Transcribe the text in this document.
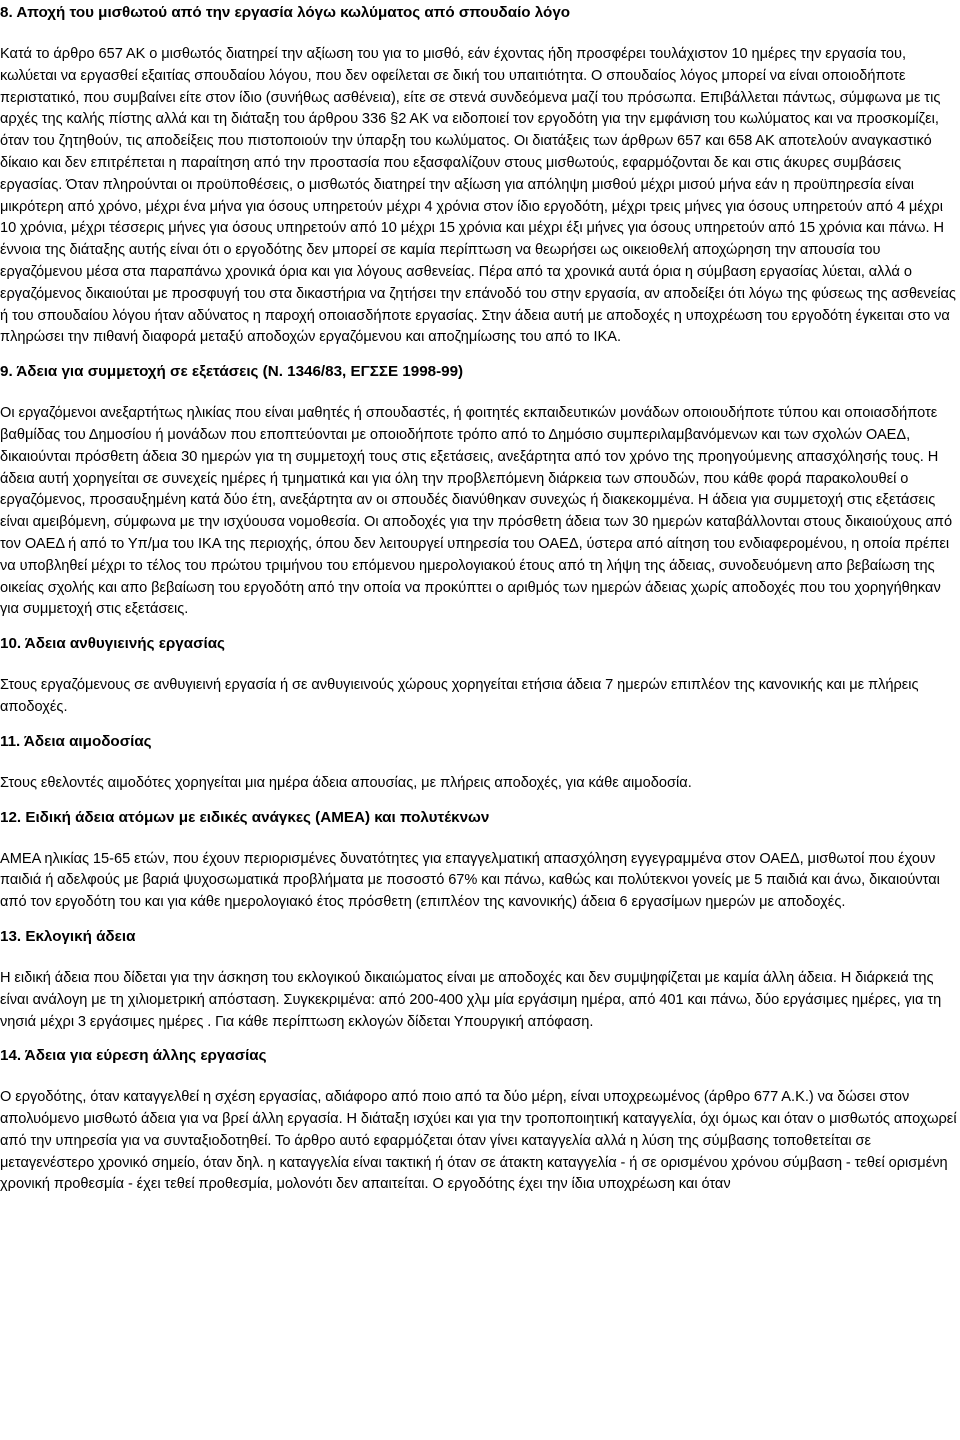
8. Αποχή του μισθωτού από την εργασία λόγω κωλύματος από σπουδαίο λόγο

Κατά το άρθρο 657 ΑΚ ο μισθωτός διατηρεί την αξίωση του για το μισθό, εάν έχοντας ήδη προσφέρει τουλάχιστον 10 ημέρες την εργασία του, κωλύεται να εργασθεί εξαιτίας σπουδαίου λόγου, που δεν οφείλεται σε δική του υπαιτιότητα. Ο σπουδαίος λόγος μπορεί να είναι οποιοδήποτε περιστατικό, που συμβαίνει είτε στον ίδιο (συνήθως ασθένεια), είτε σε στενά συνδεόμενα μαζί του πρόσωπα. Επιβάλλεται πάντως, σύμφωνα με τις αρχές της καλής πίστης αλλά και τη διάταξη του άρθρου 336 §2 ΑΚ να ειδοποιεί τον εργοδότη για την εμφάνιση του κωλύματος και να προσκομίζει, όταν του ζητηθούν, τις αποδείξεις που πιστοποιούν την ύπαρξη του κωλύματος. Οι διατάξεις των άρθρων 657 και 658 ΑΚ αποτελούν αναγκαστικό δίκαιο και δεν επιτρέπεται η παραίτηση από την προστασία που εξασφαλίζουν στους μισθωτούς, εφαρμόζονται δε και στις άκυρες συμβάσεις εργασίας. Όταν πληρούνται οι προϋποθέσεις, ο μισθωτός διατηρεί την αξίωση για απόληψη μισθού μέχρι μισού μήνα εάν η προϋπηρεσία είναι μικρότερη από χρόνο, μέχρι ένα μήνα για όσους υπηρετούν μέχρι 4 χρόνια στον ίδιο εργοδότη, μέχρι τρεις μήνες για όσους υπηρετούν από 4 μέχρι 10 χρόνια, μέχρι τέσσερις μήνες για όσους υπηρετούν από 10 μέχρι 15 χρόνια και μέχρι έξι μήνες για όσους υπηρετούν από 15 χρόνια και πάνω. Η έννοια της διάταξης αυτής είναι ότι ο εργοδότης δεν μπορεί σε καμία περίπτωση να θεωρήσει ως οικειοθελή αποχώρηση την απουσία του εργαζόμενου μέσα στα παραπάνω χρονικά όρια και για λόγους ασθενείας. Πέρα από τα χρονικά αυτά όρια η σύμβαση εργασίας λύεται, αλλά ο εργαζόμενος δικαιούται με προσφυγή του στα δικαστήρια να ζητήσει την επάνοδό του στην εργασία, αν αποδείξει ότι λόγω της φύσεως της ασθενείας ή του σπουδαίου λόγου ήταν αδύνατος η παροχή οποιασδήποτε εργασίας. Στην άδεια αυτή με αποδοχές η υποχρέωση του εργοδότη έγκειται στο να πληρώσει την πιθανή διαφορά μεταξύ αποδοχών εργαζόμενου και αποζημίωσης του από το ΙΚΑ.

9. Άδεια για συμμετοχή σε εξετάσεις (Ν. 1346/83, ΕΓΣΣΕ 1998-99)

Οι εργαζόμενοι ανεξαρτήτως ηλικίας που είναι μαθητές ή σπουδαστές, ή φοιτητές εκπαιδευτικών μονάδων οποιουδήποτε τύπου και οποιασδήποτε βαθμίδας του Δημοσίου ή μονάδων που εποπτεύονται με οποιοδήποτε τρόπο από το Δημόσιο συμπεριλαμβανόμενων και των σχολών ΟΑΕΔ, δικαιούνται πρόσθετη άδεια 30 ημερών για τη συμμετοχή τους στις εξετάσεις, ανεξάρτητα από τον χρόνο της προηγούμενης απασχόλησής τους. Η άδεια αυτή χορηγείται σε συνεχείς ημέρες ή τμηματικά και για όλη την προβλεπόμενη διάρκεια των σπουδών, που κάθε φορά παρακολουθεί ο εργαζόμενος, προσαυξημένη κατά δύο έτη, ανεξάρτητα αν οι σπουδές διανύθηκαν συνεχώς ή διακεκομμένα. Η άδεια για συμμετοχή στις εξετάσεις είναι αμειβόμενη, σύμφωνα με την ισχύουσα νομοθεσία. Οι αποδοχές για την πρόσθετη άδεια των 30 ημερών καταβάλλονται στους δικαιούχους από τον ΟΑΕΔ ή από το Υπ/μα του ΙΚΑ της περιοχής, όπου δεν λειτουργεί υπηρεσία του ΟΑΕΔ, ύστερα από αίτηση του ενδιαφερομένου, η οποία πρέπει να υποβληθεί μέχρι το τέλος του πρώτου τριμήνου του επόμενου ημερολογιακού έτους από τη λήψη της άδειας, συνοδευόμενη απο βεβαίωση της οικείας σχολής και απο βεβαίωση του εργοδότη από την οποία να προκύπτει ο αριθμός των ημερών άδειας χωρίς αποδοχές που του χορηγήθηκαν για συμμετοχή στις εξετάσεις.

10. Άδεια ανθυγιεινής εργασίας

Στους εργαζόμενους σε ανθυγιεινή εργασία ή σε ανθυγιεινούς χώρους χορηγείται ετήσια άδεια 7 ημερών επιπλέον της κανονικής και με πλήρεις αποδοχές.

11. Άδεια αιμοδοσίας

Στους εθελοντές αιμοδότες χορηγείται μια ημέρα άδεια απουσίας, με πλήρεις αποδοχές, για κάθε αιμοδοσία.

12. Ειδική άδεια ατόμων με ειδικές ανάγκες (ΑΜΕΑ) και πολυτέκνων

ΑΜΕΑ ηλικίας 15-65 ετών, που έχουν περιορισμένες δυνατότητες για επαγγελματική απασχόληση εγγεγραμμένα στον ΟΑΕΔ, μισθωτοί που έχουν παιδιά ή αδελφούς με βαριά ψυχοσωματικά προβλήματα με ποσοστό 67% και πάνω, καθώς και πολύτεκνοι γονείς με 5 παιδιά και άνω, δικαιούνται από τον εργοδότη του και για κάθε ημερολογιακό έτος πρόσθετη (επιπλέον της κανονικής) άδεια 6 εργασίμων ημερών με αποδοχές.

13. Εκλογική άδεια

Η ειδική άδεια που δίδεται για την άσκηση του εκλογικού δικαιώματος είναι με αποδοχές και δεν συμψηφίζεται με καμία άλλη άδεια. Η διάρκειά της είναι ανάλογη με τη χιλιομετρική απόσταση. Συγκεκριμένα: από 200-400 χλμ μία εργάσιμη ημέρα, από 401 και πάνω, δύο εργάσιμες ημέρες, για τη νησιά μέχρι 3 εργάσιμες ημέρες . Για κάθε περίπτωση εκλογών δίδεται Υπουργική απόφαση.

14. Άδεια για εύρεση άλλης εργασίας

Ο εργοδότης, όταν καταγγελθεί η σχέση εργασίας, αδιάφορο από ποιο από τα δύο μέρη, είναι υποχρεωμένος (άρθρο 677 Α.Κ.) να δώσει στον απολυόμενο μισθωτό άδεια για να βρεί άλλη εργασία. Η διάταξη ισχύει και για την τροποποιητική καταγγελία, όχι όμως και όταν ο μισθωτός αποχωρεί από την υπηρεσία για να συνταξιοδοτηθεί. Το άρθρο αυτό εφαρμόζεται όταν γίνει καταγγελία αλλά η λύση της σύμβασης τοποθετείται σε μεταγενέστερο χρονικό σημείο, όταν δηλ. η καταγγελία είναι τακτική ή όταν σε άτακτη καταγγελία - ή σε ορισμένου χρόνου σύμβαση - τεθεί ορισμένη χρονική προθεσμία - έχει τεθεί προθεσμία, μολονότι δεν απαιτείται. Ο εργοδότης έχει την ίδια υποχρέωση και όταν
